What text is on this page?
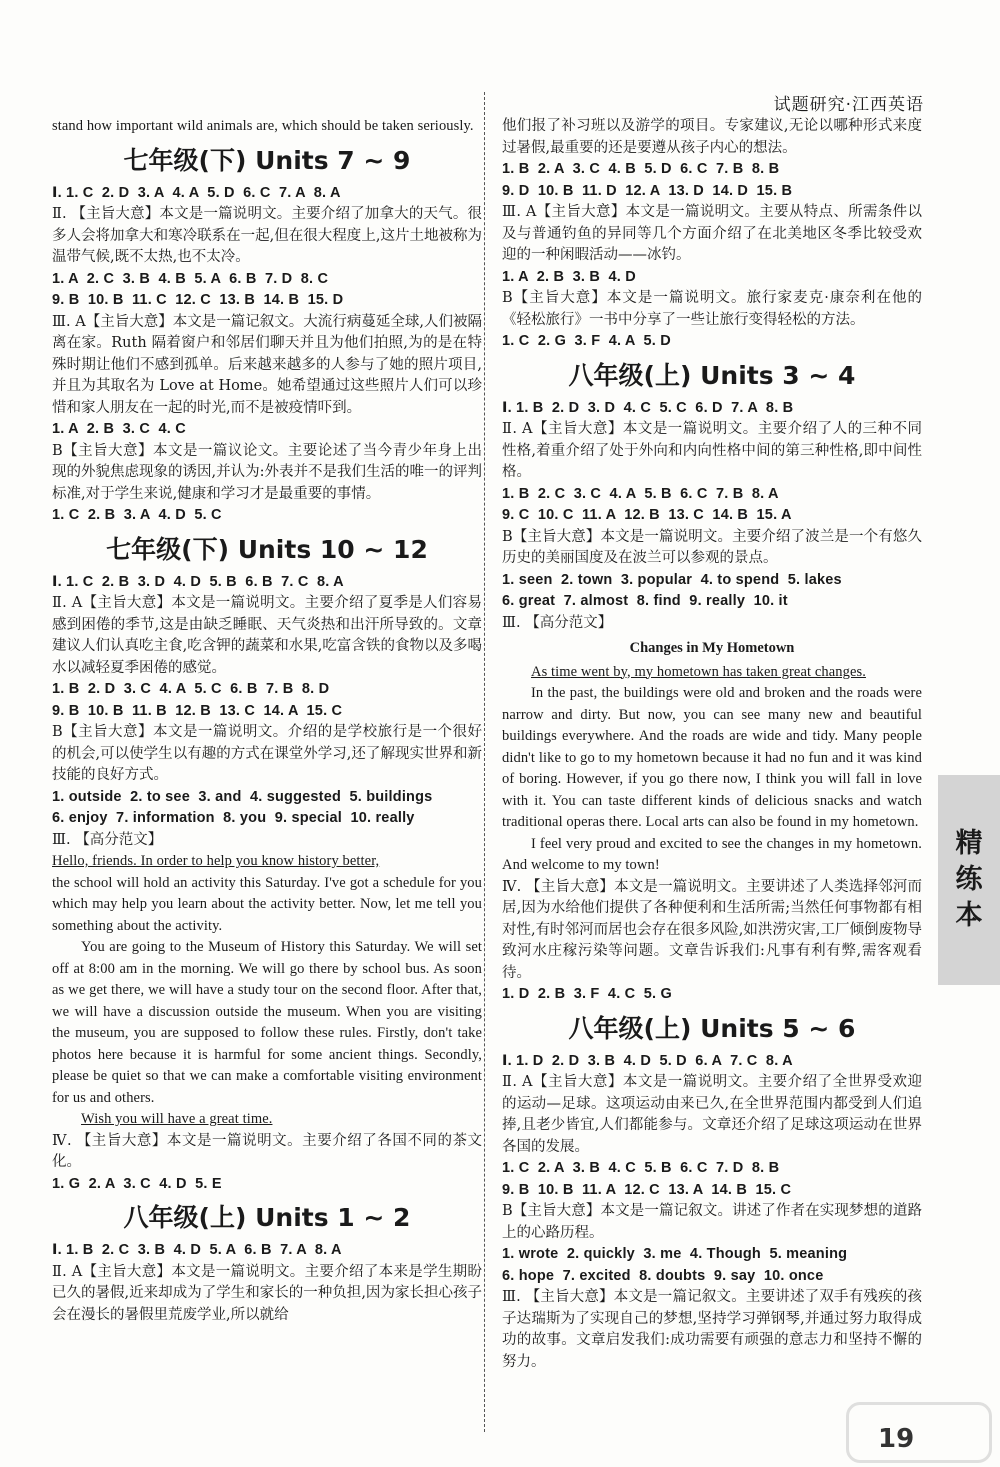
试题研究·江西英语

stand how important wild animals are, which should be taken seriously.

七年级(下) Units 7 ~ 9

Ⅰ. 1. C  2. D  3. A  4. A  5. D  6. C  7. A  8. A

Ⅱ. 【主旨大意】本文是一篇说明文。主要介绍了加拿大的天气。很多人会将加拿大和寒冷联系在一起,但在很大程度上,这片土地被称为温带气候,既不太热,也不太冷。

1. A  2. C  3. B  4. B  5. A  6. B  7. D  8. C

9. B  10. B  11. C  12. C  13. B  14. B  15. D

Ⅲ. A【主旨大意】本文是一篇记叙文。大流行病蔓延全球,人们被隔离在家。Ruth 隔着窗户和邻居们聊天并且为他们拍照,为的是在特殊时期让他们不感到孤单。后来越来越多的人参与了她的照片项目,并且为其取名为 Love at Home。她希望通过这些照片人们可以珍惜和家人朋友在一起的时光,而不是被疫情吓到。

1. A  2. B  3. C  4. C

B【主旨大意】本文是一篇议论文。主要论述了当今青少年身上出现的外貌焦虑现象的诱因,并认为:外表并不是我们生活的唯一的评判标准,对于学生来说,健康和学习才是最重要的事情。

1. C  2. B  3. A  4. D  5. C

七年级(下) Units 10 ~ 12

Ⅰ. 1. C  2. B  3. D  4. D  5. B  6. B  7. C  8. A

Ⅱ. A【主旨大意】本文是一篇说明文。主要介绍了夏季是人们容易感到困倦的季节,这是由缺乏睡眠、天气炎热和出汗所导致的。文章建议人们认真吃主食,吃含钾的蔬菜和水果,吃富含铁的食物以及多喝水以减轻夏季困倦的感觉。

1. B  2. D  3. C  4. A  5. C  6. B  7. B  8. D

9. B  10. B  11. B  12. B  13. C  14. A  15. C

B【主旨大意】本文是一篇说明文。介绍的是学校旅行是一个很好的机会,可以使学生以有趣的方式在课堂外学习,还了解现实世界和新技能的良好方式。

1. outside  2. to see  3. and  4. suggested  5. buildings

6. enjoy  7. information  8. you  9. special  10. really

Ⅲ. 【高分范文】

Hello, friends. In order to help you know history better,

the school will hold an activity this Saturday. I've got a schedule for you which may help you learn about the activity better. Now, let me tell you something about the activity.

You are going to the Museum of History this Saturday. We will set off at 8:00 am in the morning. We will go there by school bus. As soon as we get there, we will have a study tour on the second floor. After that, we will have a discussion outside the museum. When you are visiting the museum, you are supposed to follow these rules. Firstly, don't take photos here because it is harmful for some ancient things. Secondly, please be quiet so that we can make a comfortable visiting environment for us and others.

Wish you will have a great time.

Ⅳ. 【主旨大意】本文是一篇说明文。主要介绍了各国不同的茶文化。

1. G  2. A  3. C  4. D  5. E

八年级(上) Units 1 ~ 2

Ⅰ. 1. B  2. C  3. B  4. D  5. A  6. B  7. A  8. A

Ⅱ. A【主旨大意】本文是一篇说明文。主要介绍了本来是学生期盼已久的暑假,近来却成为了学生和家长的一种负担,因为家长担心孩子会在漫长的暑假里荒废学业,所以就给

他们报了补习班以及游学的项目。专家建议,无论以哪种形式来度过暑假,最重要的还是要遵从孩子内心的想法。

1. B  2. A  3. C  4. B  5. D  6. C  7. B  8. B

9. D  10. B  11. D  12. A  13. D  14. D  15. B

Ⅲ. A【主旨大意】本文是一篇说明文。主要从特点、所需条件以及与普通钓鱼的异同等几个方面介绍了在北美地区冬季比较受欢迎的一种闲暇活动——冰钓。

1. A  2. B  3. B  4. D

B【主旨大意】本文是一篇说明文。旅行家麦克·康奈利在他的《轻松旅行》一书中分享了一些让旅行变得轻松的方法。

1. C  2. G  3. F  4. A  5. D

八年级(上) Units 3 ~ 4

Ⅰ. 1. B  2. D  3. D  4. C  5. C  6. D  7. A  8. B

Ⅱ. A【主旨大意】本文是一篇说明文。主要介绍了人的三种不同性格,着重介绍了处于外向和内向性格中间的第三种性格,即中间性格。

1. B  2. C  3. C  4. A  5. B  6. C  7. B  8. A

9. C  10. C  11. A  12. B  13. C  14. B  15. A

B【主旨大意】本文是一篇说明文。主要介绍了波兰是一个有悠久历史的美丽国度及在波兰可以参观的景点。

1. seen  2. town  3. popular  4. to spend  5. lakes

6. great  7. almost  8. find  9. really  10. it

Ⅲ. 【高分范文】

Changes in My Hometown

As time went by, my hometown has taken great changes.

In the past, the buildings were old and broken and the roads were narrow and dirty. But now, you can see many new and beautiful buildings everywhere. And the roads are wide and tidy. Many people didn't like to go to my hometown because it had no fun and it was kind of boring. However, if you go there now, I think you will fall in love with it. You can taste different kinds of delicious snacks and watch traditional operas there. Local arts can also be found in my hometown.

I feel very proud and excited to see the changes in my hometown. And welcome to my town!

Ⅳ. 【主旨大意】本文是一篇说明文。主要讲述了人类选择邻河而居,因为水给他们提供了各种便利和生活所需;当然任何事物都有相对性,有时邻河而居也会存在很多风险,如洪涝灾害,工厂倾倒废物导致河水庄稼污染等问题。文章告诉我们:凡事有利有弊,需客观看待。

1. D  2. B  3. F  4. C  5. G

八年级(上) Units 5 ~ 6

Ⅰ. 1. D  2. D  3. B  4. D  5. D  6. A  7. C  8. A

Ⅱ. A【主旨大意】本文是一篇说明文。主要介绍了全世界受欢迎的运动—足球。这项运动由来已久,在全世界范围内都受到人们追捧,且老少皆宜,人们都能参与。文章还介绍了足球这项运动在世界各国的发展。

1. C  2. A  3. B  4. C  5. B  6. C  7. D  8. B

9. B  10. B  11. A  12. C  13. A  14. B  15. C

B【主旨大意】本文是一篇记叙文。讲述了作者在实现梦想的道路上的心路历程。

1. wrote  2. quickly  3. me  4. Though  5. meaning

6. hope  7. excited  8. doubts  9. say  10. once

Ⅲ. 【主旨大意】本文是一篇记叙文。主要讲述了双手有残疾的孩子达瑞斯为了实现自己的梦想,坚持学习弹钢琴,并通过努力取得成功的故事。文章启发我们:成功需要有顽强的意志力和坚持不懈的努力。

精
练
本
19
